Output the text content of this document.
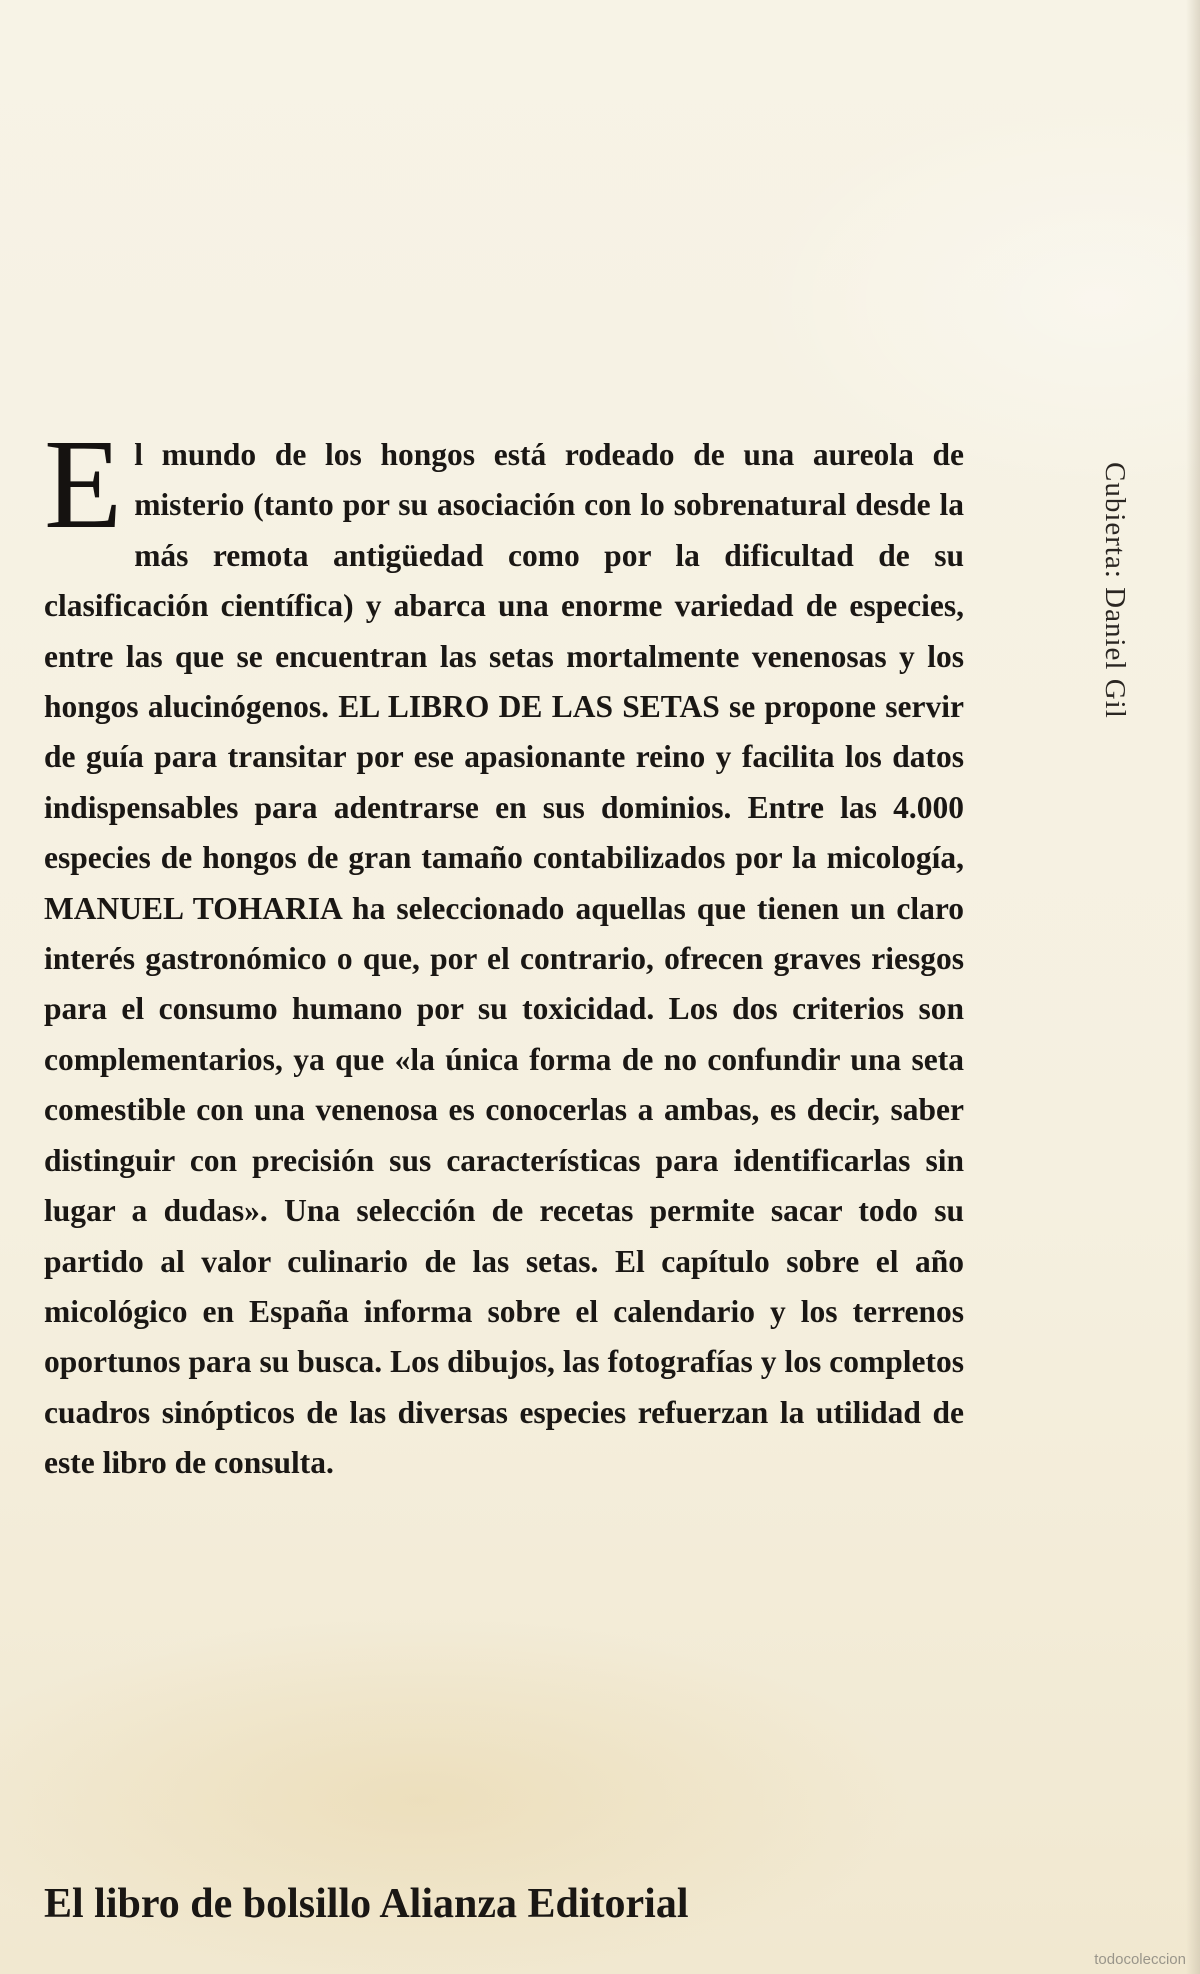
El mundo de los hongos está rodeado de una aureola de misterio (tanto por su asociación con lo sobrenatural desde la más remota antigüedad como por la dificultad de su clasificación científica) y abarca una enorme variedad de especies, entre las que se encuentran las setas mortalmente venenosas y los hongos alucinógenos. EL LIBRO DE LAS SETAS se propone servir de guía para transitar por ese apasionante reino y facilita los datos indispensables para adentrarse en sus dominios. Entre las 4.000 especies de hongos de gran tamaño contabilizados por la micología, MANUEL TOHARIA ha seleccionado aquellas que tienen un claro interés gastronómico o que, por el contrario, ofrecen graves riesgos para el consumo humano por su toxicidad. Los dos criterios son complementarios, ya que «la única forma de no confundir una seta comestible con una venenosa es conocerlas a ambas, es decir, saber distinguir con precisión sus características para identificarlas sin lugar a dudas». Una selección de recetas permite sacar todo su partido al valor culinario de las setas. El capítulo sobre el año micológico en España informa sobre el calendario y los terrenos oportunos para su busca. Los dibujos, las fotografías y los completos cuadros sinópticos de las diversas especies refuerzan la utilidad de este libro de consulta.

Cubierta: Daniel Gil

El libro de bolsillo Alianza Editorial

todocoleccion
